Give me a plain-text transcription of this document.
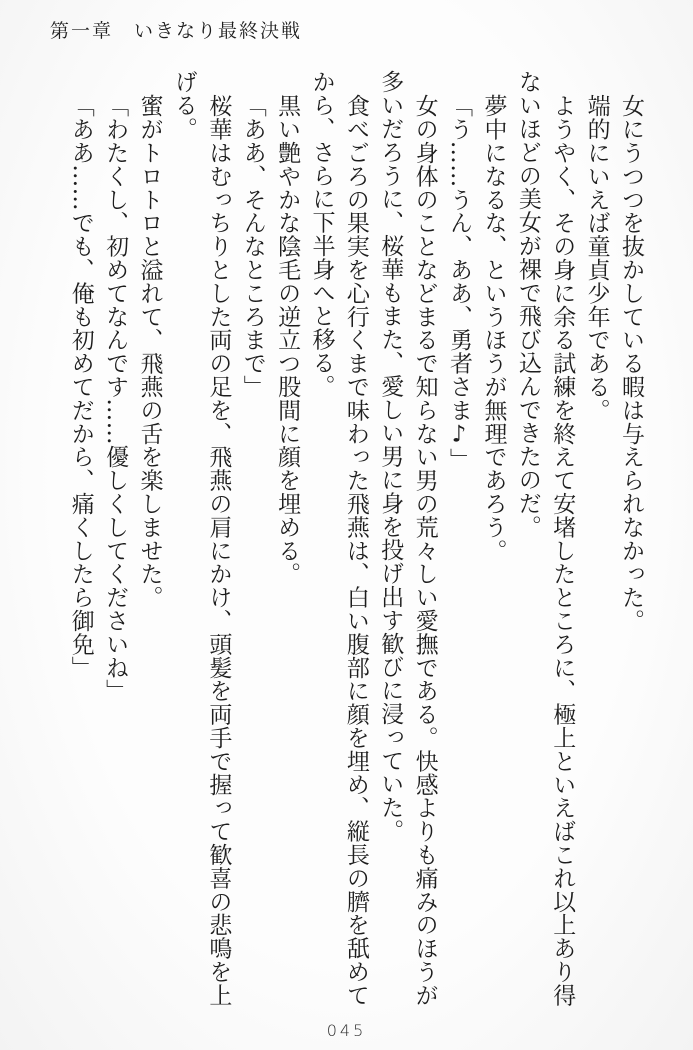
第一章　いきなり最終決戦
女にうつつを抜かしている暇は与えられなかった。
端的にいえば童貞少年である。
ようやく、その身に余る試練を終えて安堵したところに、極上といえばこれ以上あり得
ないほどの美女が裸で飛び込んできたのだ。
夢中になるな、というほうが無理であろう。
「う……うん、ああ、勇者さま♪」
女の身体のことなどまるで知らない男の荒々しい愛撫である。快感よりも痛みのほうが
多いだろうに、桜華もまた、愛しい男に身を投げ出す歓びに浸っていた。
食べごろの果実を心行くまで味わった飛燕は、白い腹部に顔を埋め、縦長の臍を舐めて
から、さらに下半身へと移る。
黒い艶やかな陰毛の逆立つ股間に顔を埋める。
「ああ、そんなところまで」
桜華はむっちりとした両の足を、飛燕の肩にかけ、頭髪を両手で握って歓喜の悲鳴を上
げる。
蜜がトロトロと溢れて、飛燕の舌を楽しませた。
「わたくし、初めてなんです……優しくしてくださいね」
「ああ……でも、俺も初めてだから、痛くしたら御免」
045
